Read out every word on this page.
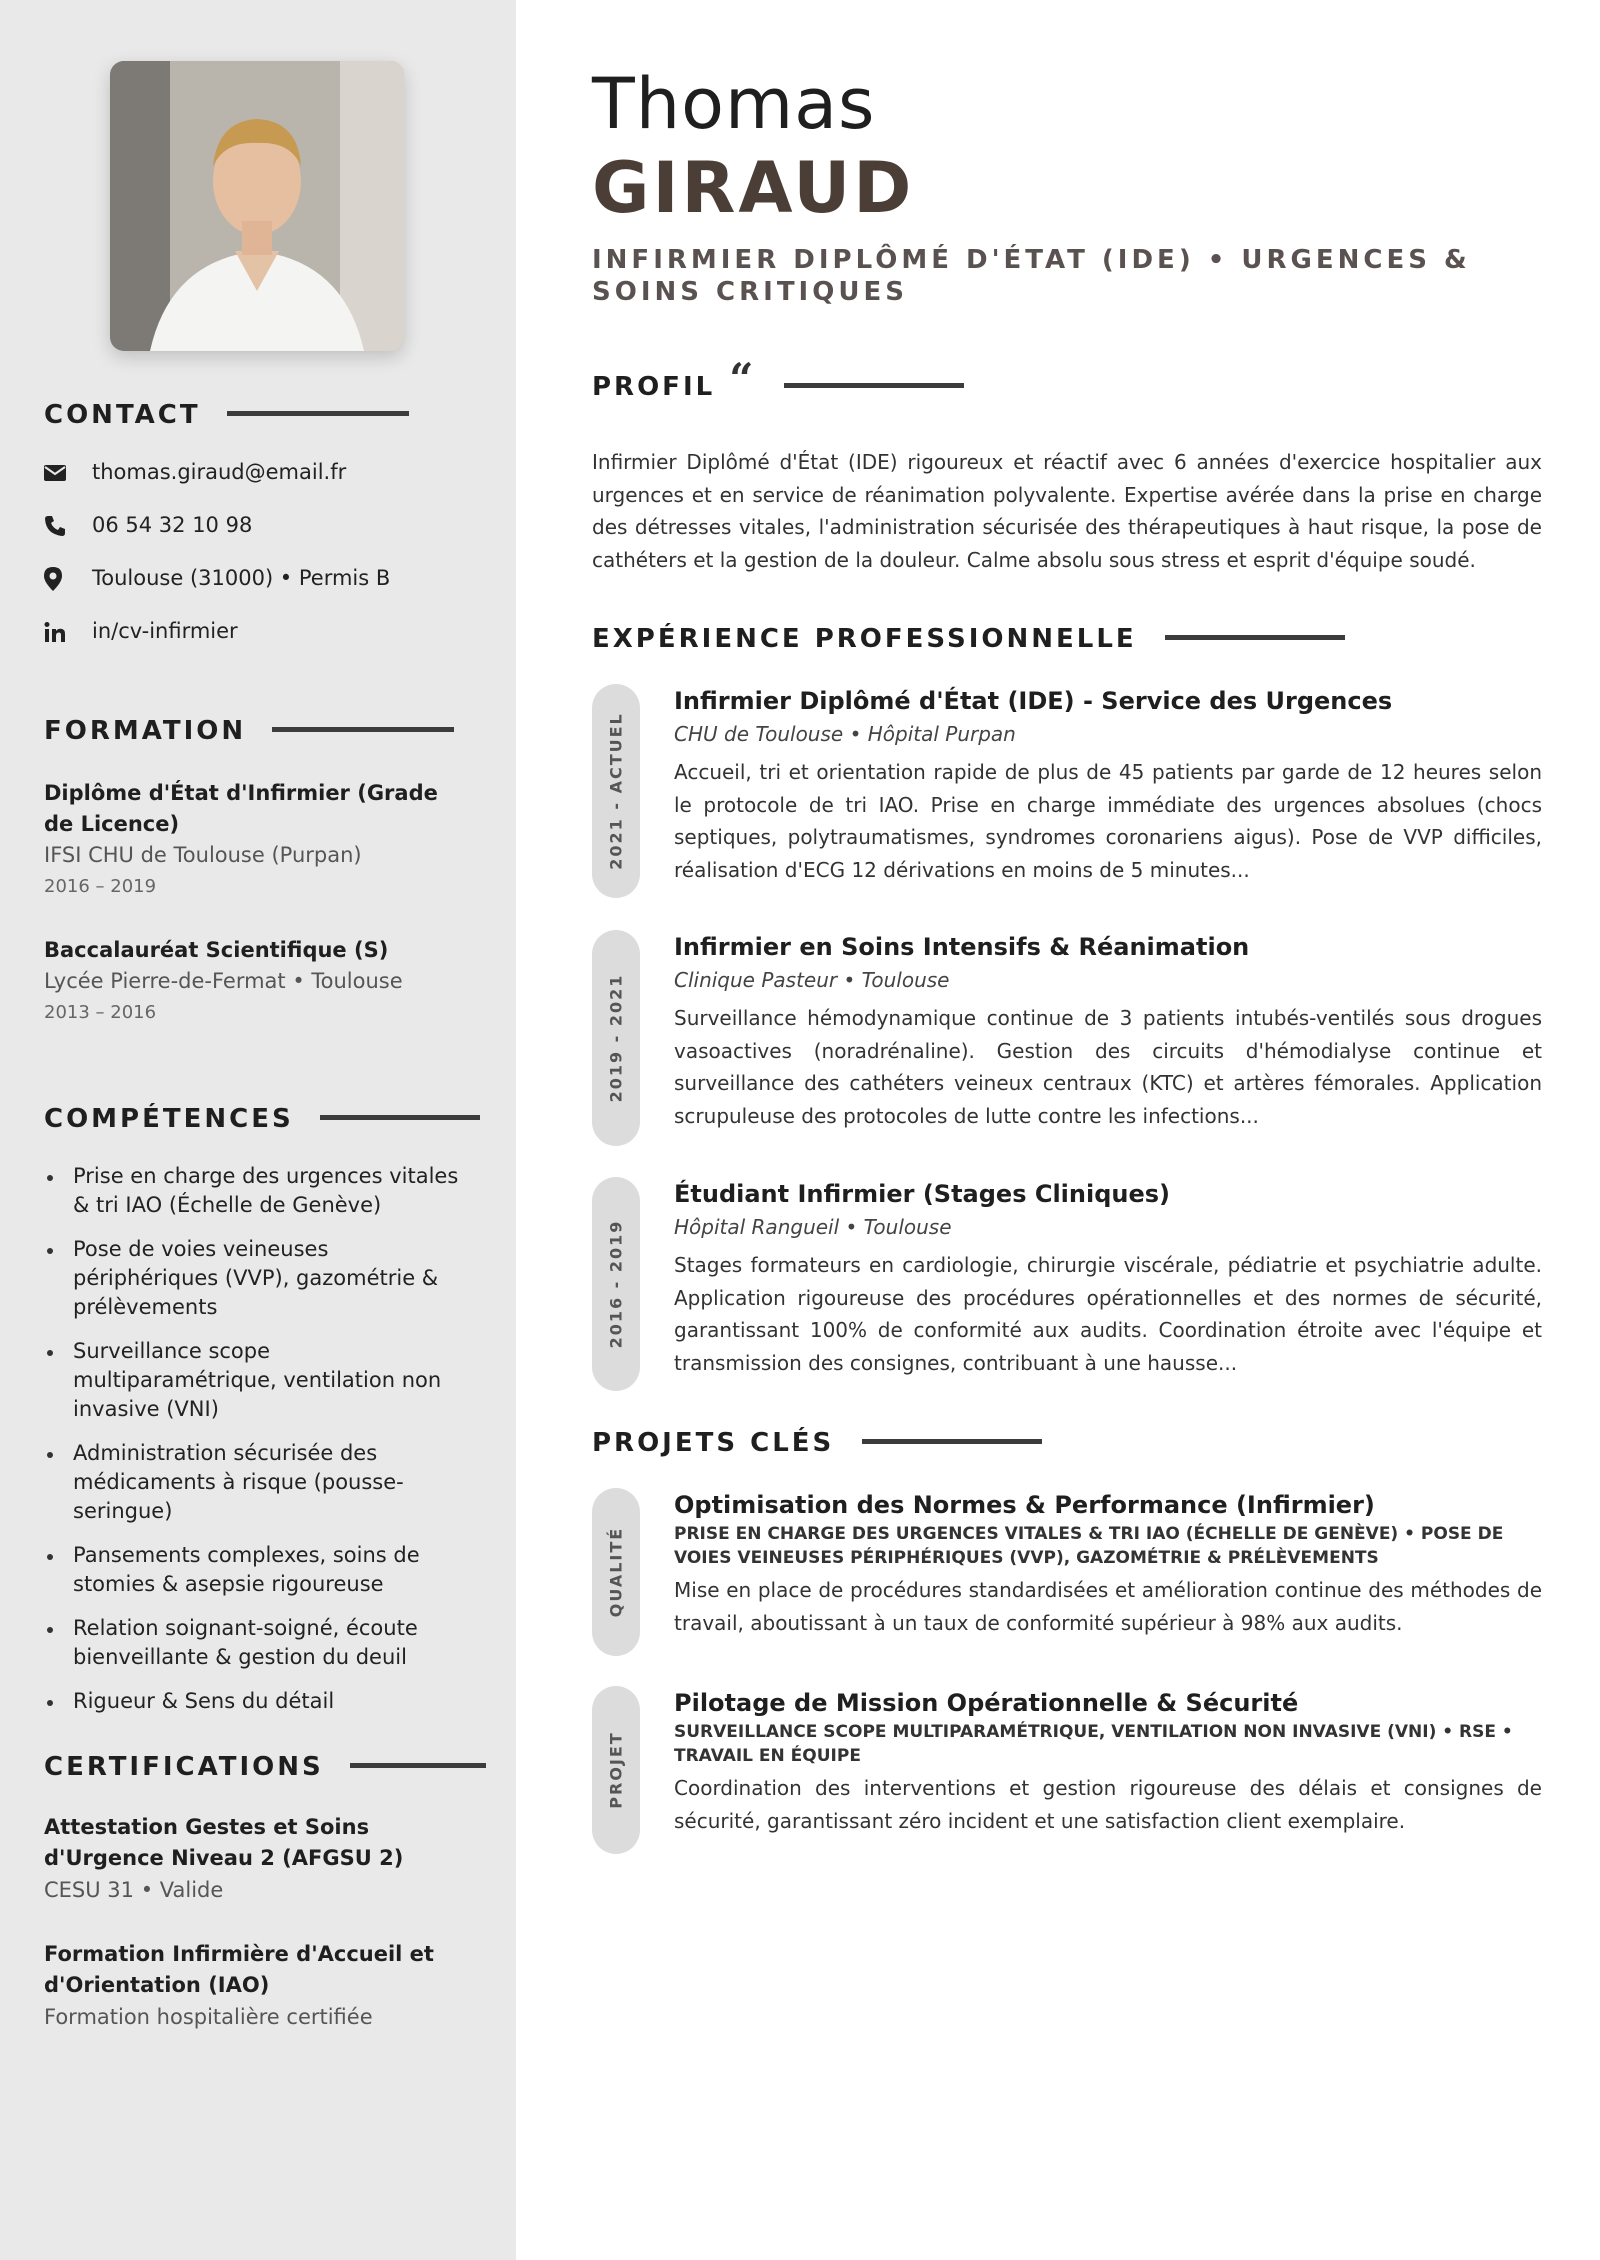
CONTACT
thomas.giraud@email.fr
06 54 32 10 98
Toulouse (31000) • Permis B
in/cv-infirmier
FORMATION
Diplôme d'État d'Infirmier (Grade de Licence)
IFSI CHU de Toulouse (Purpan)
2016 – 2019
Baccalauréat Scientifique (S)
Lycée Pierre-de-Fermat • Toulouse
2013 – 2016
COMPÉTENCES
Prise en charge des urgences vitales & tri IAO (Échelle de Genève)
Pose de voies veineuses périphériques (VVP), gazométrie & prélèvements
Surveillance scope multiparamétrique, ventilation non invasive (VNI)
Administration sécurisée des médicaments à risque (pousse-seringue)
Pansements complexes, soins de stomies & asepsie rigoureuse
Relation soignant-soigné, écoute bienveillante & gestion du deuil
Rigueur & Sens du détail
CERTIFICATIONS
Attestation Gestes et Soins d'Urgence Niveau 2 (AFGSU 2)
CESU 31 • Valide
Formation Infirmière d'Accueil et d'Orientation (IAO)
Formation hospitalière certifiée
Thomas
GIRAUD
INFIRMIER DIPLÔMÉ D'ÉTAT (IDE) • URGENCES & SOINS CRITIQUES
PROFIL “

Infirmier Diplômé d'État (IDE) rigoureux et réactif avec 6 années d'exercice hospitalier aux urgences et en service de réanimation polyvalente. Expertise avérée dans la prise en charge des détresses vitales, l'administration sécurisée des thérapeutiques à haut risque, la pose de cathéters et la gestion de la douleur. Calme absolu sous stress et esprit d'équipe soudé.

EXPÉRIENCE PROFESSIONNELLE
2021 - ACTUEL
Infirmier Diplômé d'État (IDE) - Service des Urgences
CHU de Toulouse • Hôpital Purpan
Accueil, tri et orientation rapide de plus de 45 patients par garde de 12 heures selon le protocole de tri IAO. Prise en charge immédiate des urgences absolues (chocs septiques, polytraumatismes, syndromes coronariens aigus). Pose de VVP difficiles, réalisation d'ECG 12 dérivations en moins de 5 minutes...
2019 - 2021
Infirmier en Soins Intensifs & Réanimation
Clinique Pasteur • Toulouse
Surveillance hémodynamique continue de 3 patients intubés-ventilés sous drogues vasoactives (noradrénaline). Gestion des circuits d'hémodialyse continue et surveillance des cathéters veineux centraux (KTC) et artères fémorales. Application scrupuleuse des protocoles de lutte contre les infections...
2016 - 2019
Étudiant Infirmier (Stages Cliniques)
Hôpital Rangueil • Toulouse
Stages formateurs en cardiologie, chirurgie viscérale, pédiatrie et psychiatrie adulte. Application rigoureuse des procédures opérationnelles et des normes de sécurité, garantissant 100% de conformité aux audits. Coordination étroite avec l'équipe et transmission des consignes, contribuant à une hausse...
PROJETS CLÉS
QUALITÉ
Optimisation des Normes & Performance (Infirmier)
PRISE EN CHARGE DES URGENCES VITALES & TRI IAO (ÉCHELLE DE GENÈVE) • POSE DE VOIES VEINEUSES PÉRIPHÉRIQUES (VVP), GAZOMÉTRIE & PRÉLÈVEMENTS
Mise en place de procédures standardisées et amélioration continue des méthodes de travail, aboutissant à un taux de conformité supérieur à 98% aux audits.
PROJET
Pilotage de Mission Opérationnelle & Sécurité
SURVEILLANCE SCOPE MULTIPARAMÉTRIQUE, VENTILATION NON INVASIVE (VNI) • RSE • TRAVAIL EN ÉQUIPE
Coordination des interventions et gestion rigoureuse des délais et consignes de sécurité, garantissant zéro incident et une satisfaction client exemplaire.
